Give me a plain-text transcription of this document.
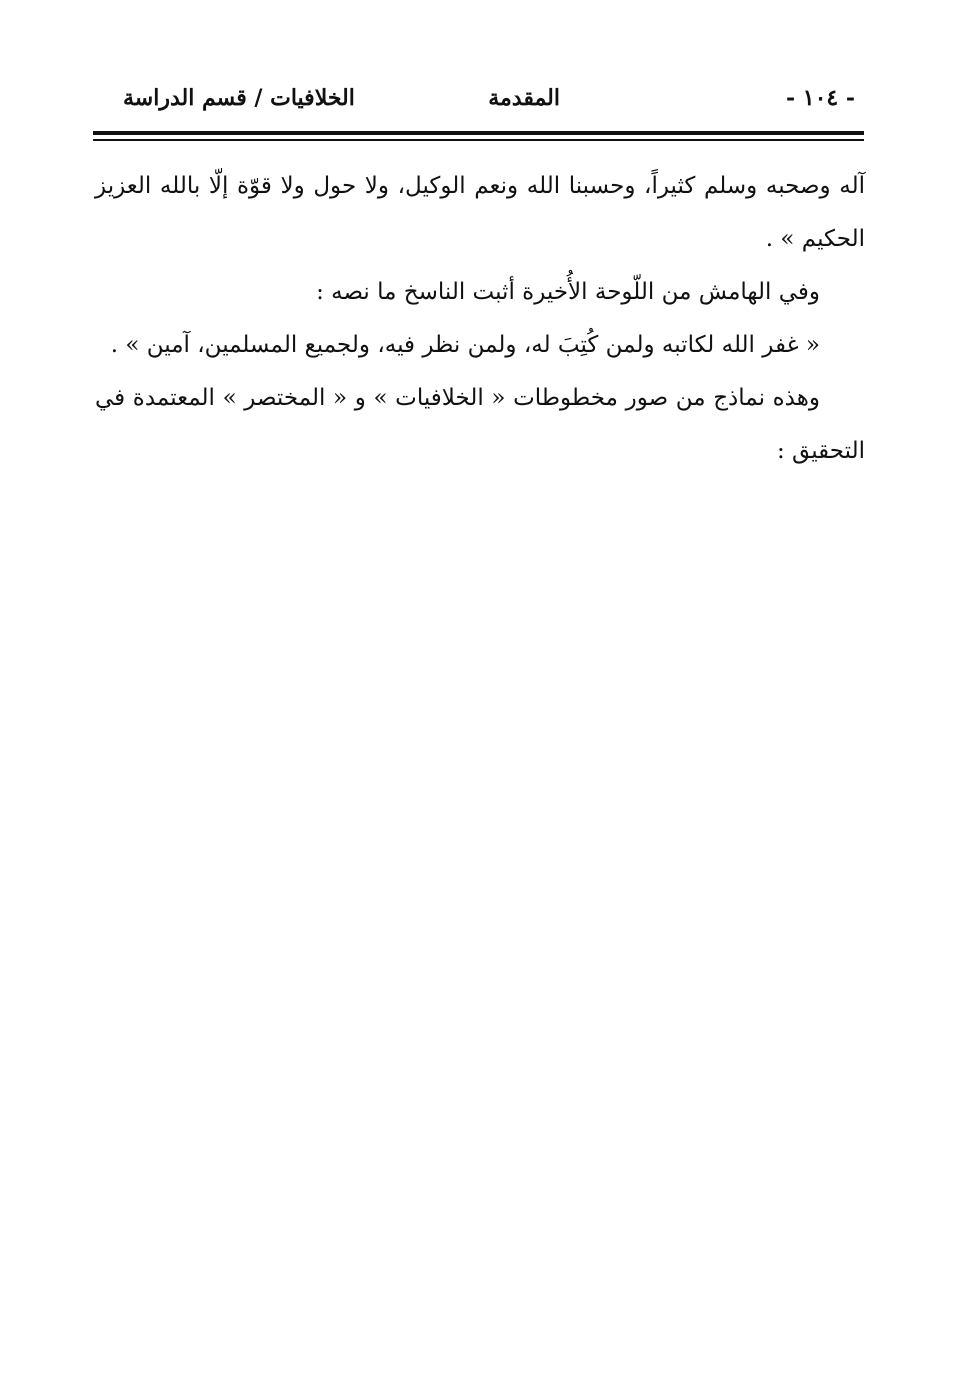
- ١٠٤ -
المقدمة
الخلافيات / قسم الدراسة

آله وصحبه وسلم كثيراً، وحسبنا الله ونعم الوكيل، ولا حول ولا قوّة إلّا بالله العزيز الحكيم » .

وفي الهامش من اللّوحة الأُخيرة أثبت الناسخ ما نصه :

« غفر الله لكاتبه ولمن كُتِبَ له، ولمن نظر فيه، ولجميع المسلمين، آمين » .

وهذه نماذج من صور مخطوطات « الخلافيات » و « المختصر » المعتمدة في التحقيق :
